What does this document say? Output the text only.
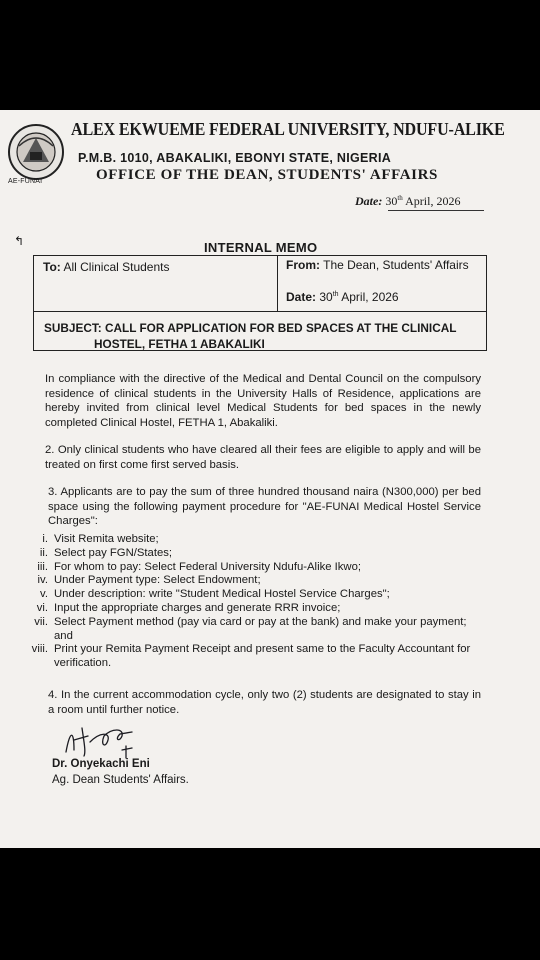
AE-FUNAI
ALEX EKWUEME FEDERAL UNIVERSITY, NDUFU-ALIKE
P.M.B. 1010, ABAKALIKI, EBONYI STATE, NIGERIA
OFFICE OF THE DEAN, STUDENTS' AFFAIRS
Date: 30th April, 2026
↰	INTERNAL MEMO
To: All Clinical Students	From: The Dean, Students' Affairs
Date: 30th April, 2026
SUBJECT: CALL FOR APPLICATION FOR BED SPACES AT THE CLINICAL
HOSTEL, FETHA 1 ABAKALIKI
In compliance with the directive of the Medical and Dental Council on the compulsory residence of clinical students in the University Halls of Residence, applications are hereby invited from clinical level Medical Students for bed spaces in the newly completed Clinical Hostel, FETHA 1, Abakaliki.
2. Only clinical students who have cleared all their fees are eligible to apply and will be treated on first come first served basis.
3. Applicants are to pay the sum of three hundred thousand naira (N300,000) per bed space using the following payment procedure for "AE-FUNAI Medical Hostel Service Charges":
i. Visit Remita website;
ii. Select pay FGN/States;
iii. For whom to pay: Select Federal University Ndufu-Alike Ikwo;
iv. Under Payment type: Select Endowment;
v. Under description: write "Student Medical Hostel Service Charges";
vi. Input the appropriate charges and generate RRR invoice;
vii. Select Payment method (pay via card or pay at the bank) and make your payment; and
viii. Print your Remita Payment Receipt and present same to the Faculty Accountant for verification.
4. In the current accommodation cycle, only two (2) students are designated to stay in a room until further notice.
Dr. Onyekachi Eni
Ag. Dean Students' Affairs.
